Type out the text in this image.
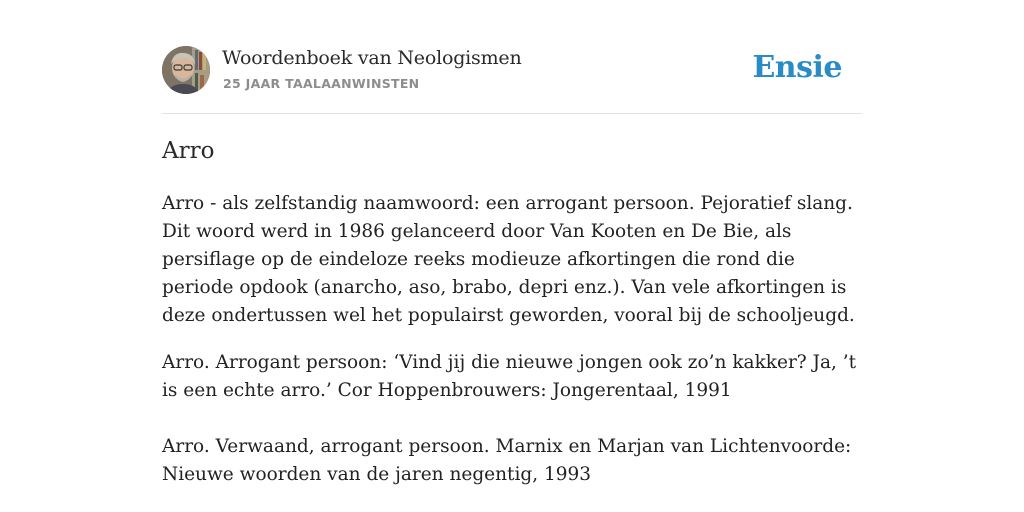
Woordenboek van Neologismen
25 JAAR TAALAANWINSTEN	Ensie
Arro

Arro - als zelfstandig naamwoord: een arrogant persoon. Pejoratief slang. Dit woord werd in 1986 gelanceerd door Van Kooten en De Bie, als persiflage op de eindeloze reeks modieuze afkortingen die rond die periode opdook (anarcho, aso, brabo, depri enz.). Van vele afkortingen is deze ondertussen wel het populairst geworden, vooral bij de schooljeugd.

Arro. Arrogant persoon: ‘Vind jij die nieuwe jongen ook zo’n kakker? Ja, ’t is een echte arro.’ Cor Hoppenbrouwers: Jongerentaal, 1991

Arro. Verwaand, arrogant persoon. Marnix en Marjan van Lichtenvoorde: Nieuwe woorden van de jaren negentig, 1993
